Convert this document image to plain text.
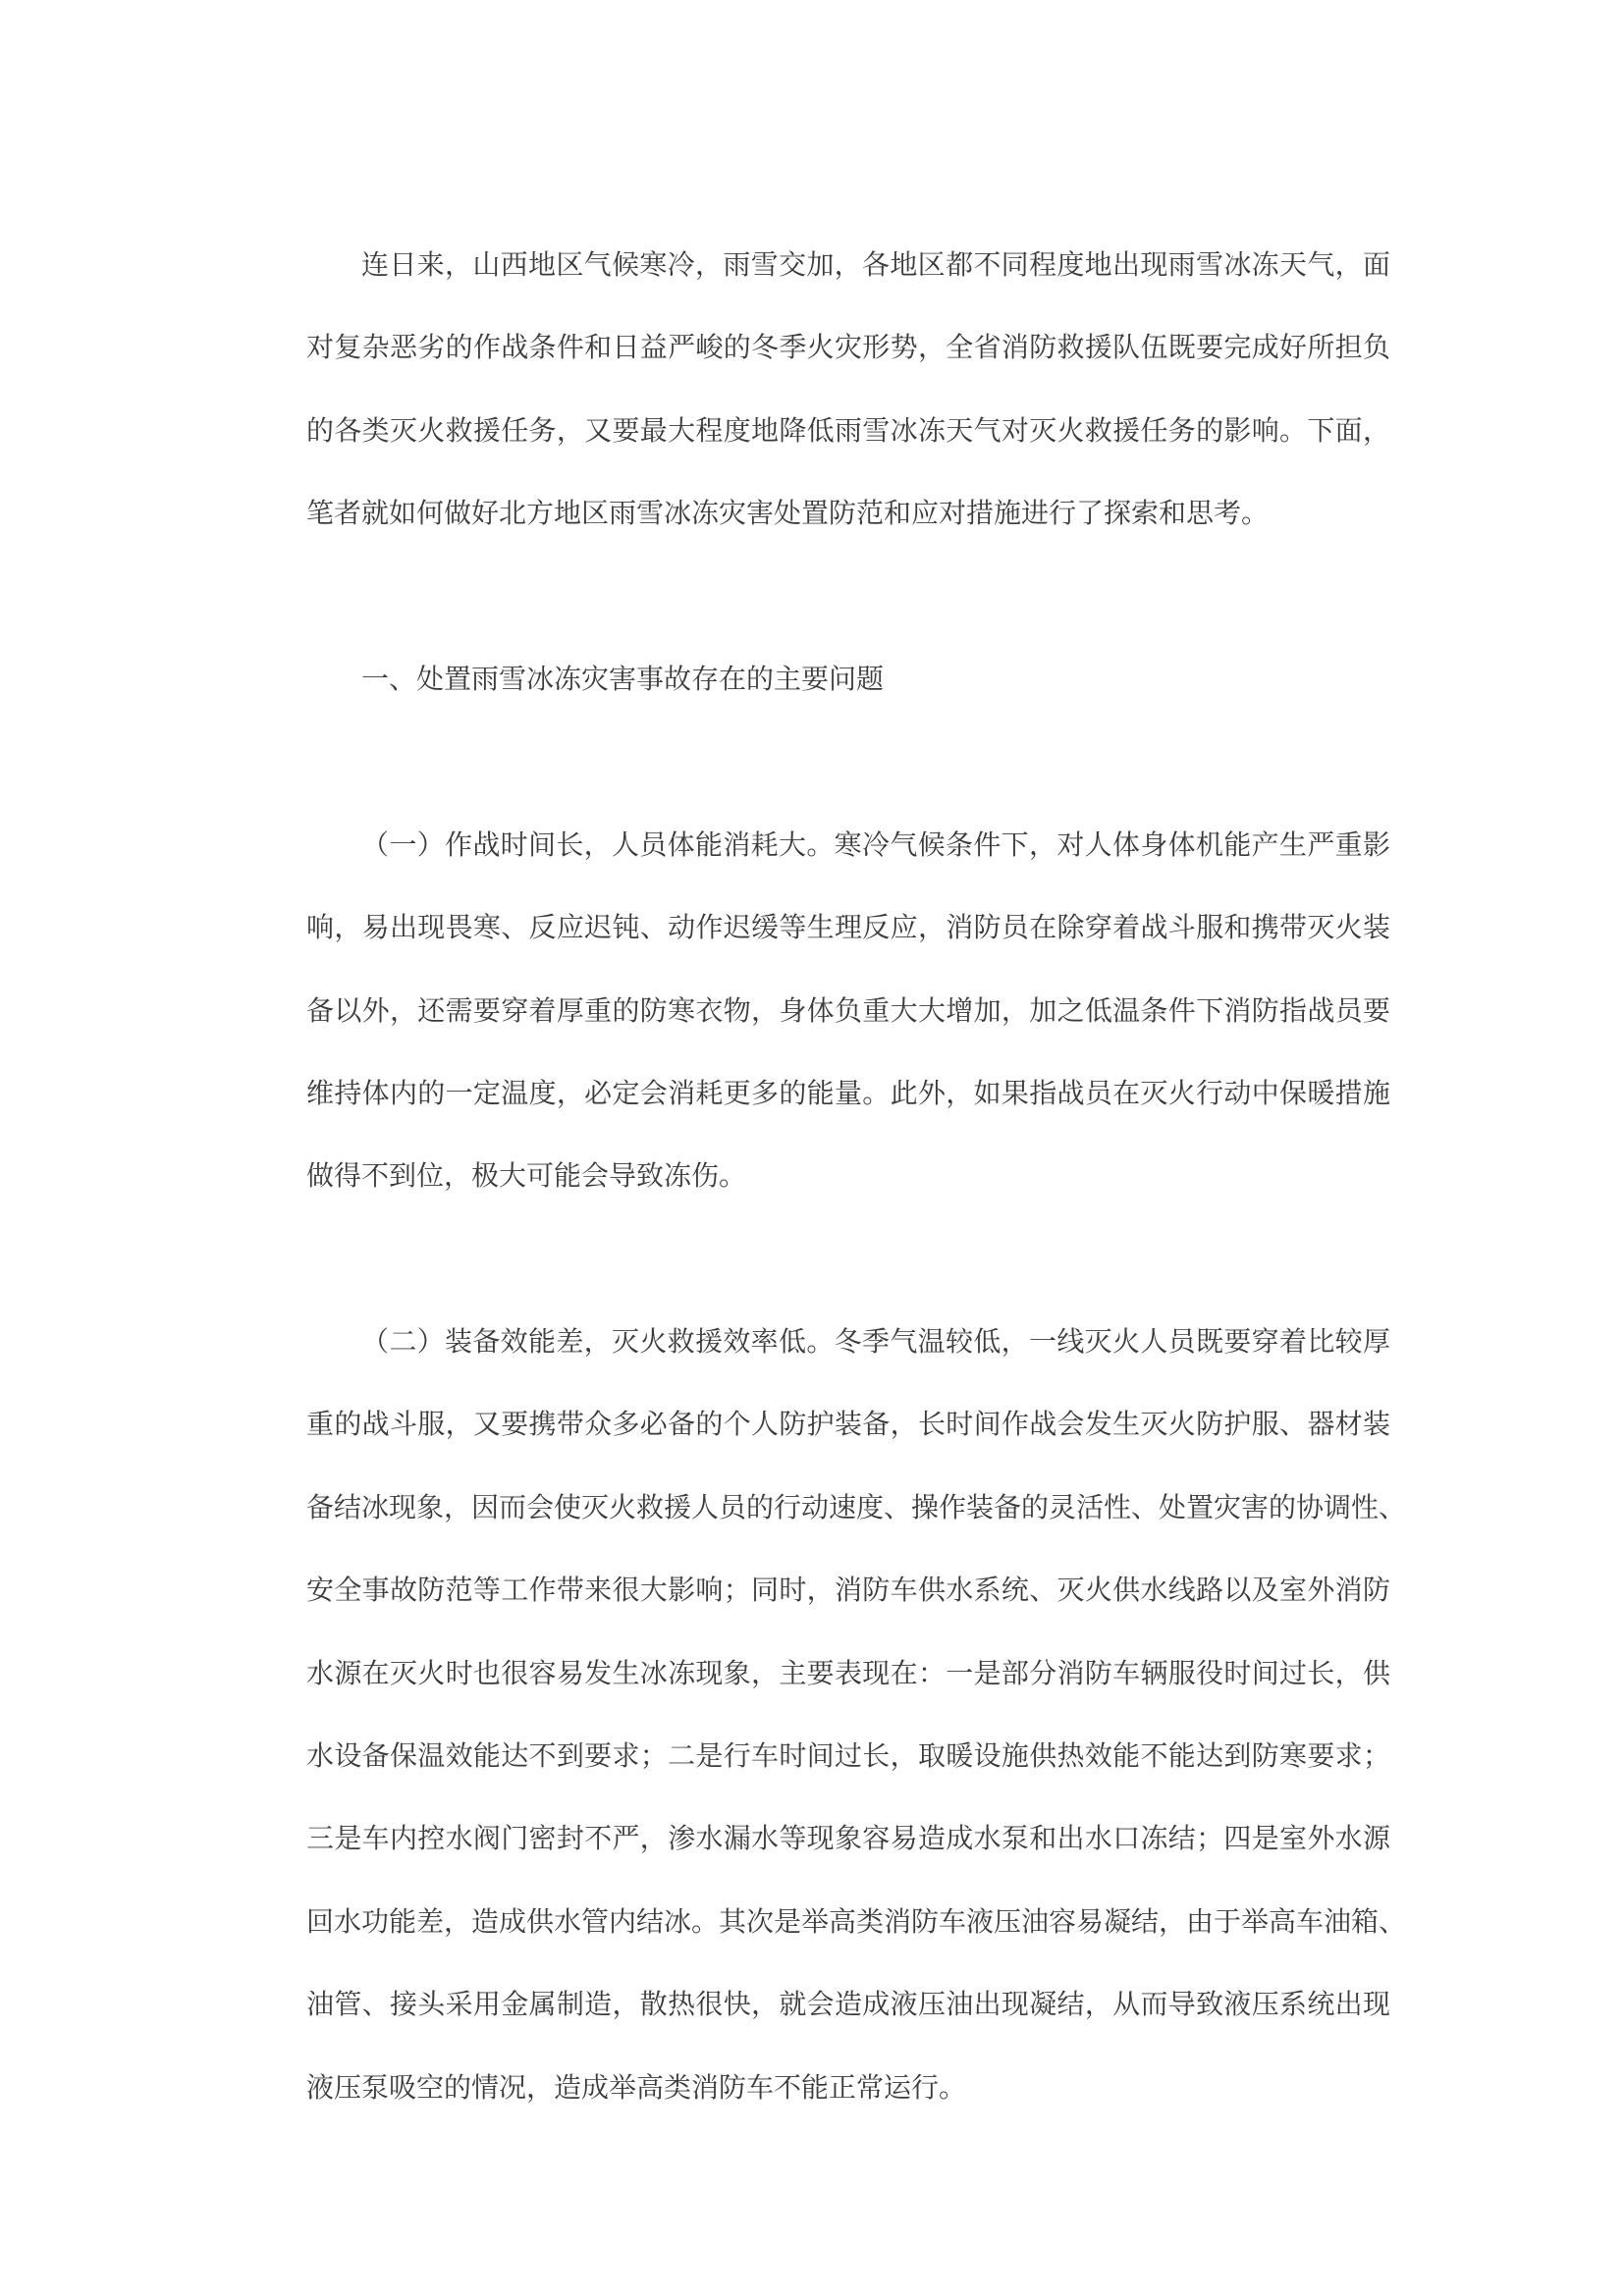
连日来，山西地区气候寒冷，雨雪交加，各地区都不同程度地出现雨雪冰冻天气，面
对复杂恶劣的作战条件和日益严峻的冬季火灾形势，全省消防救援队伍既要完成好所担负
的各类灭火救援任务，又要最大程度地降低雨雪冰冻天气对灭火救援任务的影响。下面，
笔者就如何做好北方地区雨雪冰冻灾害处置防范和应对措施进行了探索和思考。
一、处置雨雪冰冻灾害事故存在的主要问题
（一）作战时间长，人员体能消耗大。寒冷气候条件下，对人体身体机能产生严重影
响，易出现畏寒、反应迟钝、动作迟缓等生理反应，消防员在除穿着战斗服和携带灭火装
备以外，还需要穿着厚重的防寒衣物，身体负重大大增加，加之低温条件下消防指战员要
维持体内的一定温度，必定会消耗更多的能量。此外，如果指战员在灭火行动中保暖措施
做得不到位，极大可能会导致冻伤。
（二）装备效能差，灭火救援效率低。冬季气温较低，一线灭火人员既要穿着比较厚
重的战斗服，又要携带众多必备的个人防护装备，长时间作战会发生灭火防护服、器材装
备结冰现象，因而会使灭火救援人员的行动速度、操作装备的灵活性、处置灾害的协调性、
安全事故防范等工作带来很大影响；同时，消防车供水系统、灭火供水线路以及室外消防
水源在灭火时也很容易发生冰冻现象，主要表现在：一是部分消防车辆服役时间过长，供
水设备保温效能达不到要求；二是行车时间过长，取暖设施供热效能不能达到防寒要求；
三是车内控水阀门密封不严，渗水漏水等现象容易造成水泵和出水口冻结；四是室外水源
回水功能差，造成供水管内结冰。其次是举高类消防车液压油容易凝结，由于举高车油箱、
油管、接头采用金属制造，散热很快，就会造成液压油出现凝结，从而导致液压系统出现
液压泵吸空的情况，造成举高类消防车不能正常运行。
